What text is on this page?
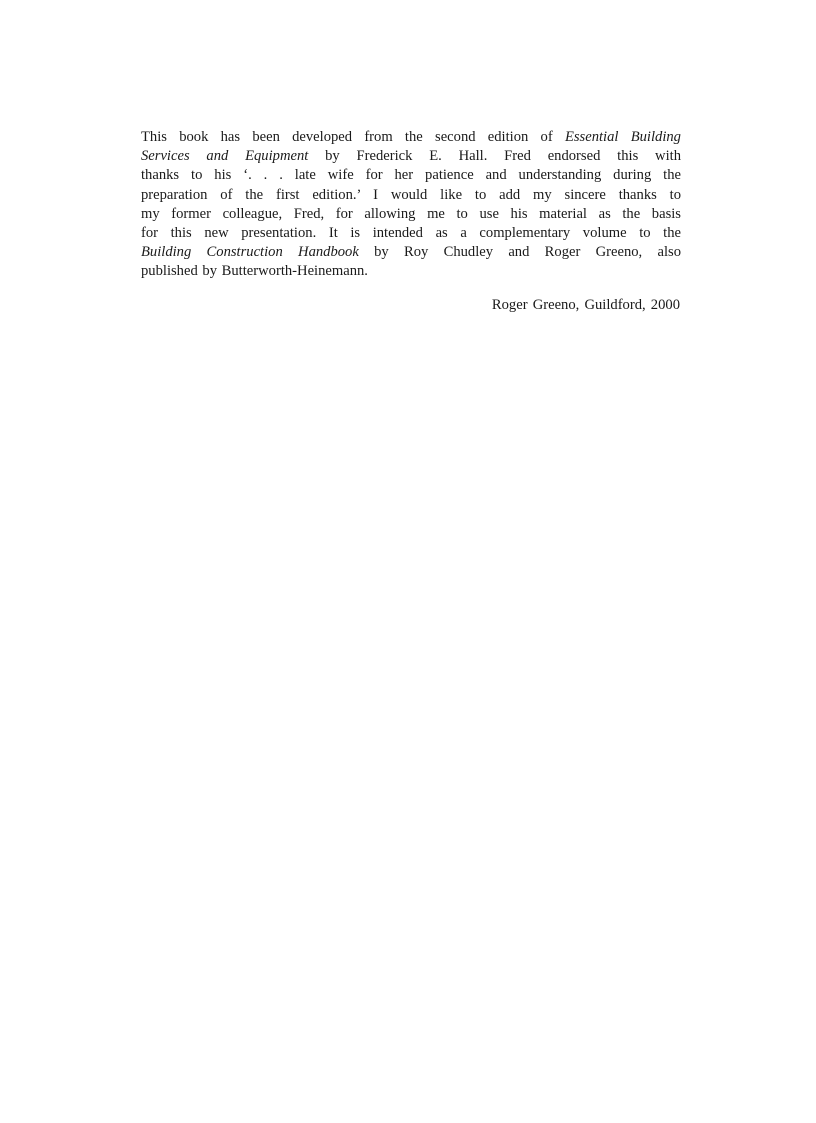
This book has been developed from the second edition of Essential Building
Services and Equipment by Frederick E. Hall. Fred endorsed this with
thanks to his ‘. . . late wife for her patience and understanding during the
preparation of the first edition.’ I would like to add my sincere thanks to
my former colleague, Fred, for allowing me to use his material as the basis
for this new presentation. It is intended as a complementary volume to the
Building Construction Handbook by Roy Chudley and Roger Greeno, also
published by Butterworth-Heinemann.
Roger Greeno, Guildford, 2000
